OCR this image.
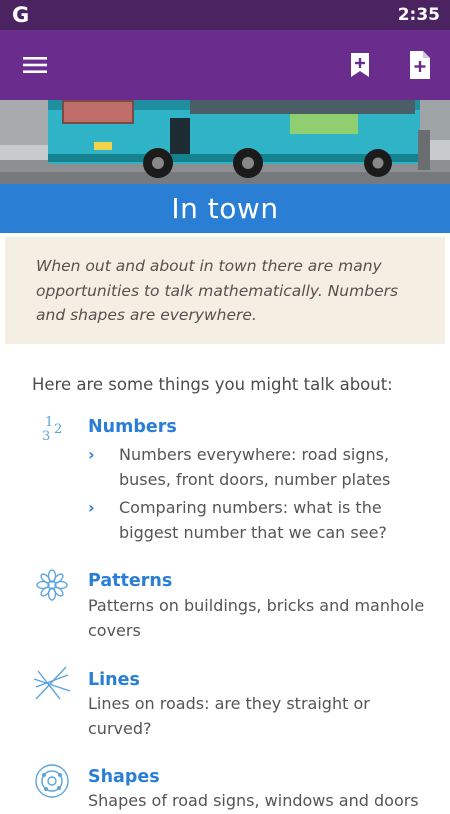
G	2:35
In town

When out and about in town there are many opportunities to talk mathematically. Numbers and shapes are everywhere.

Here are some things you might talk about:
1 2
3 Numbers
› Numbers everywhere: road signs, buses, front doors, number plates
› Comparing numbers: what is the biggest number that we can see?
Patterns
Patterns on buildings, bricks and manhole covers
Lines
Lines on roads: are they straight or curved?
Shapes
Shapes of road signs, windows and doors
